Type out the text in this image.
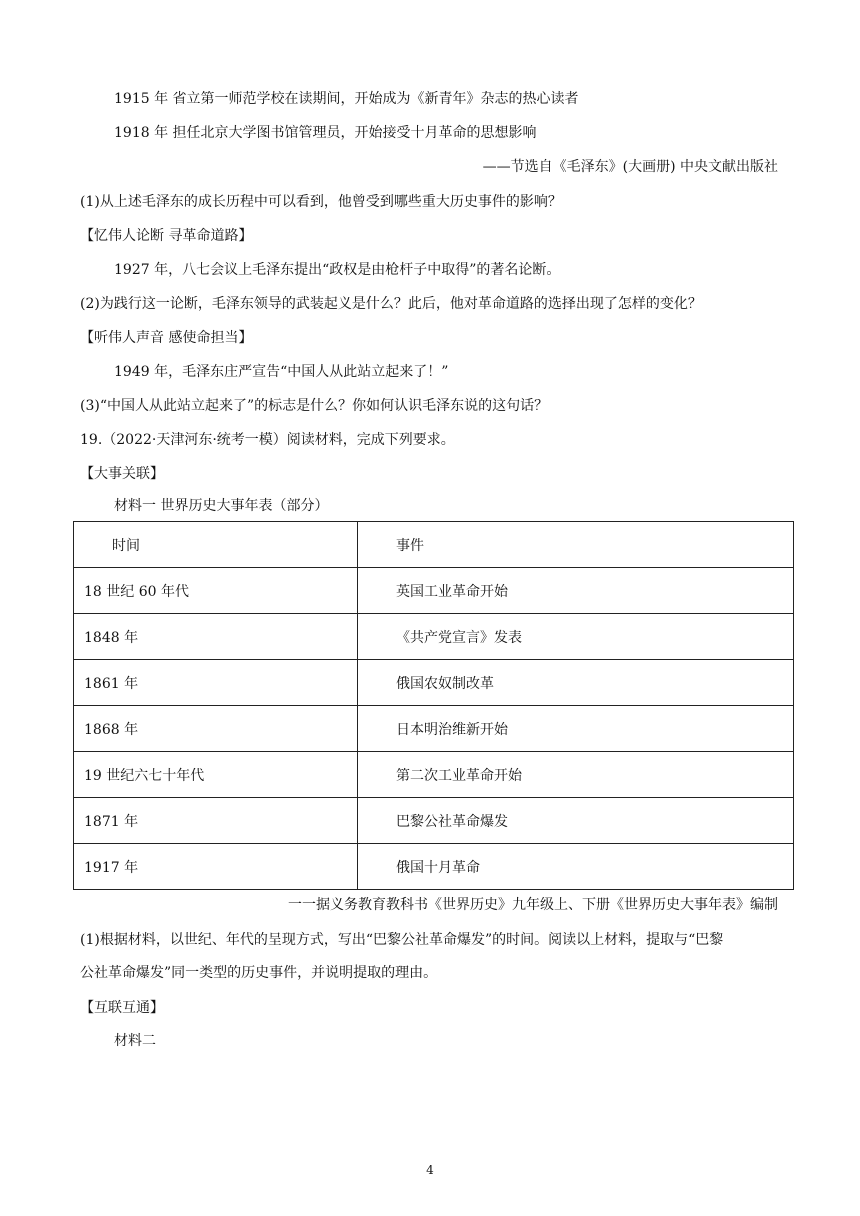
1915 年 省立第一师范学校在读期间，开始成为《新青年》杂志的热心读者
1918 年 担任北京大学图书馆管理员，开始接受十月革命的思想影响
——节选自《毛泽东》(大画册) 中央文献出版社
(1)从上述毛泽东的成长历程中可以看到，他曾受到哪些重大历史事件的影响？
【忆伟人论断 寻革命道路】
1927 年，八七会议上毛泽东提出“政权是由枪杆子中取得”的著名论断。
(2)为践行这一论断，毛泽东领导的武装起义是什么？此后，他对革命道路的选择出现了怎样的变化？
【听伟人声音 感使命担当】
1949 年，毛泽东庄严宣告“中国人从此站立起来了！”
(3)“中国人从此站立起来了”的标志是什么？你如何认识毛泽东说的这句话？
19.（2022·天津河东·统考一模）阅读材料，完成下列要求。
【大事关联】
材料一 世界历史大事年表（部分）
时间	事件
18 世纪 60 年代	英国工业革命开始
1848 年	《共产党宣言》发表
1861 年	俄国农奴制改革
1868 年	日本明治维新开始
19 世纪六七十年代	第二次工业革命开始
1871 年	巴黎公社革命爆发
1917 年	俄国十月革命
一一据义务教育教科书《世界历史》九年级上、下册《世界历史大事年表》编制
(1)根据材料，以世纪、年代的呈现方式，写出“巴黎公社革命爆发”的时间。阅读以上材料，提取与“巴黎
公社革命爆发”同一类型的历史事件，并说明提取的理由。
【互联互通】
材料二
4
